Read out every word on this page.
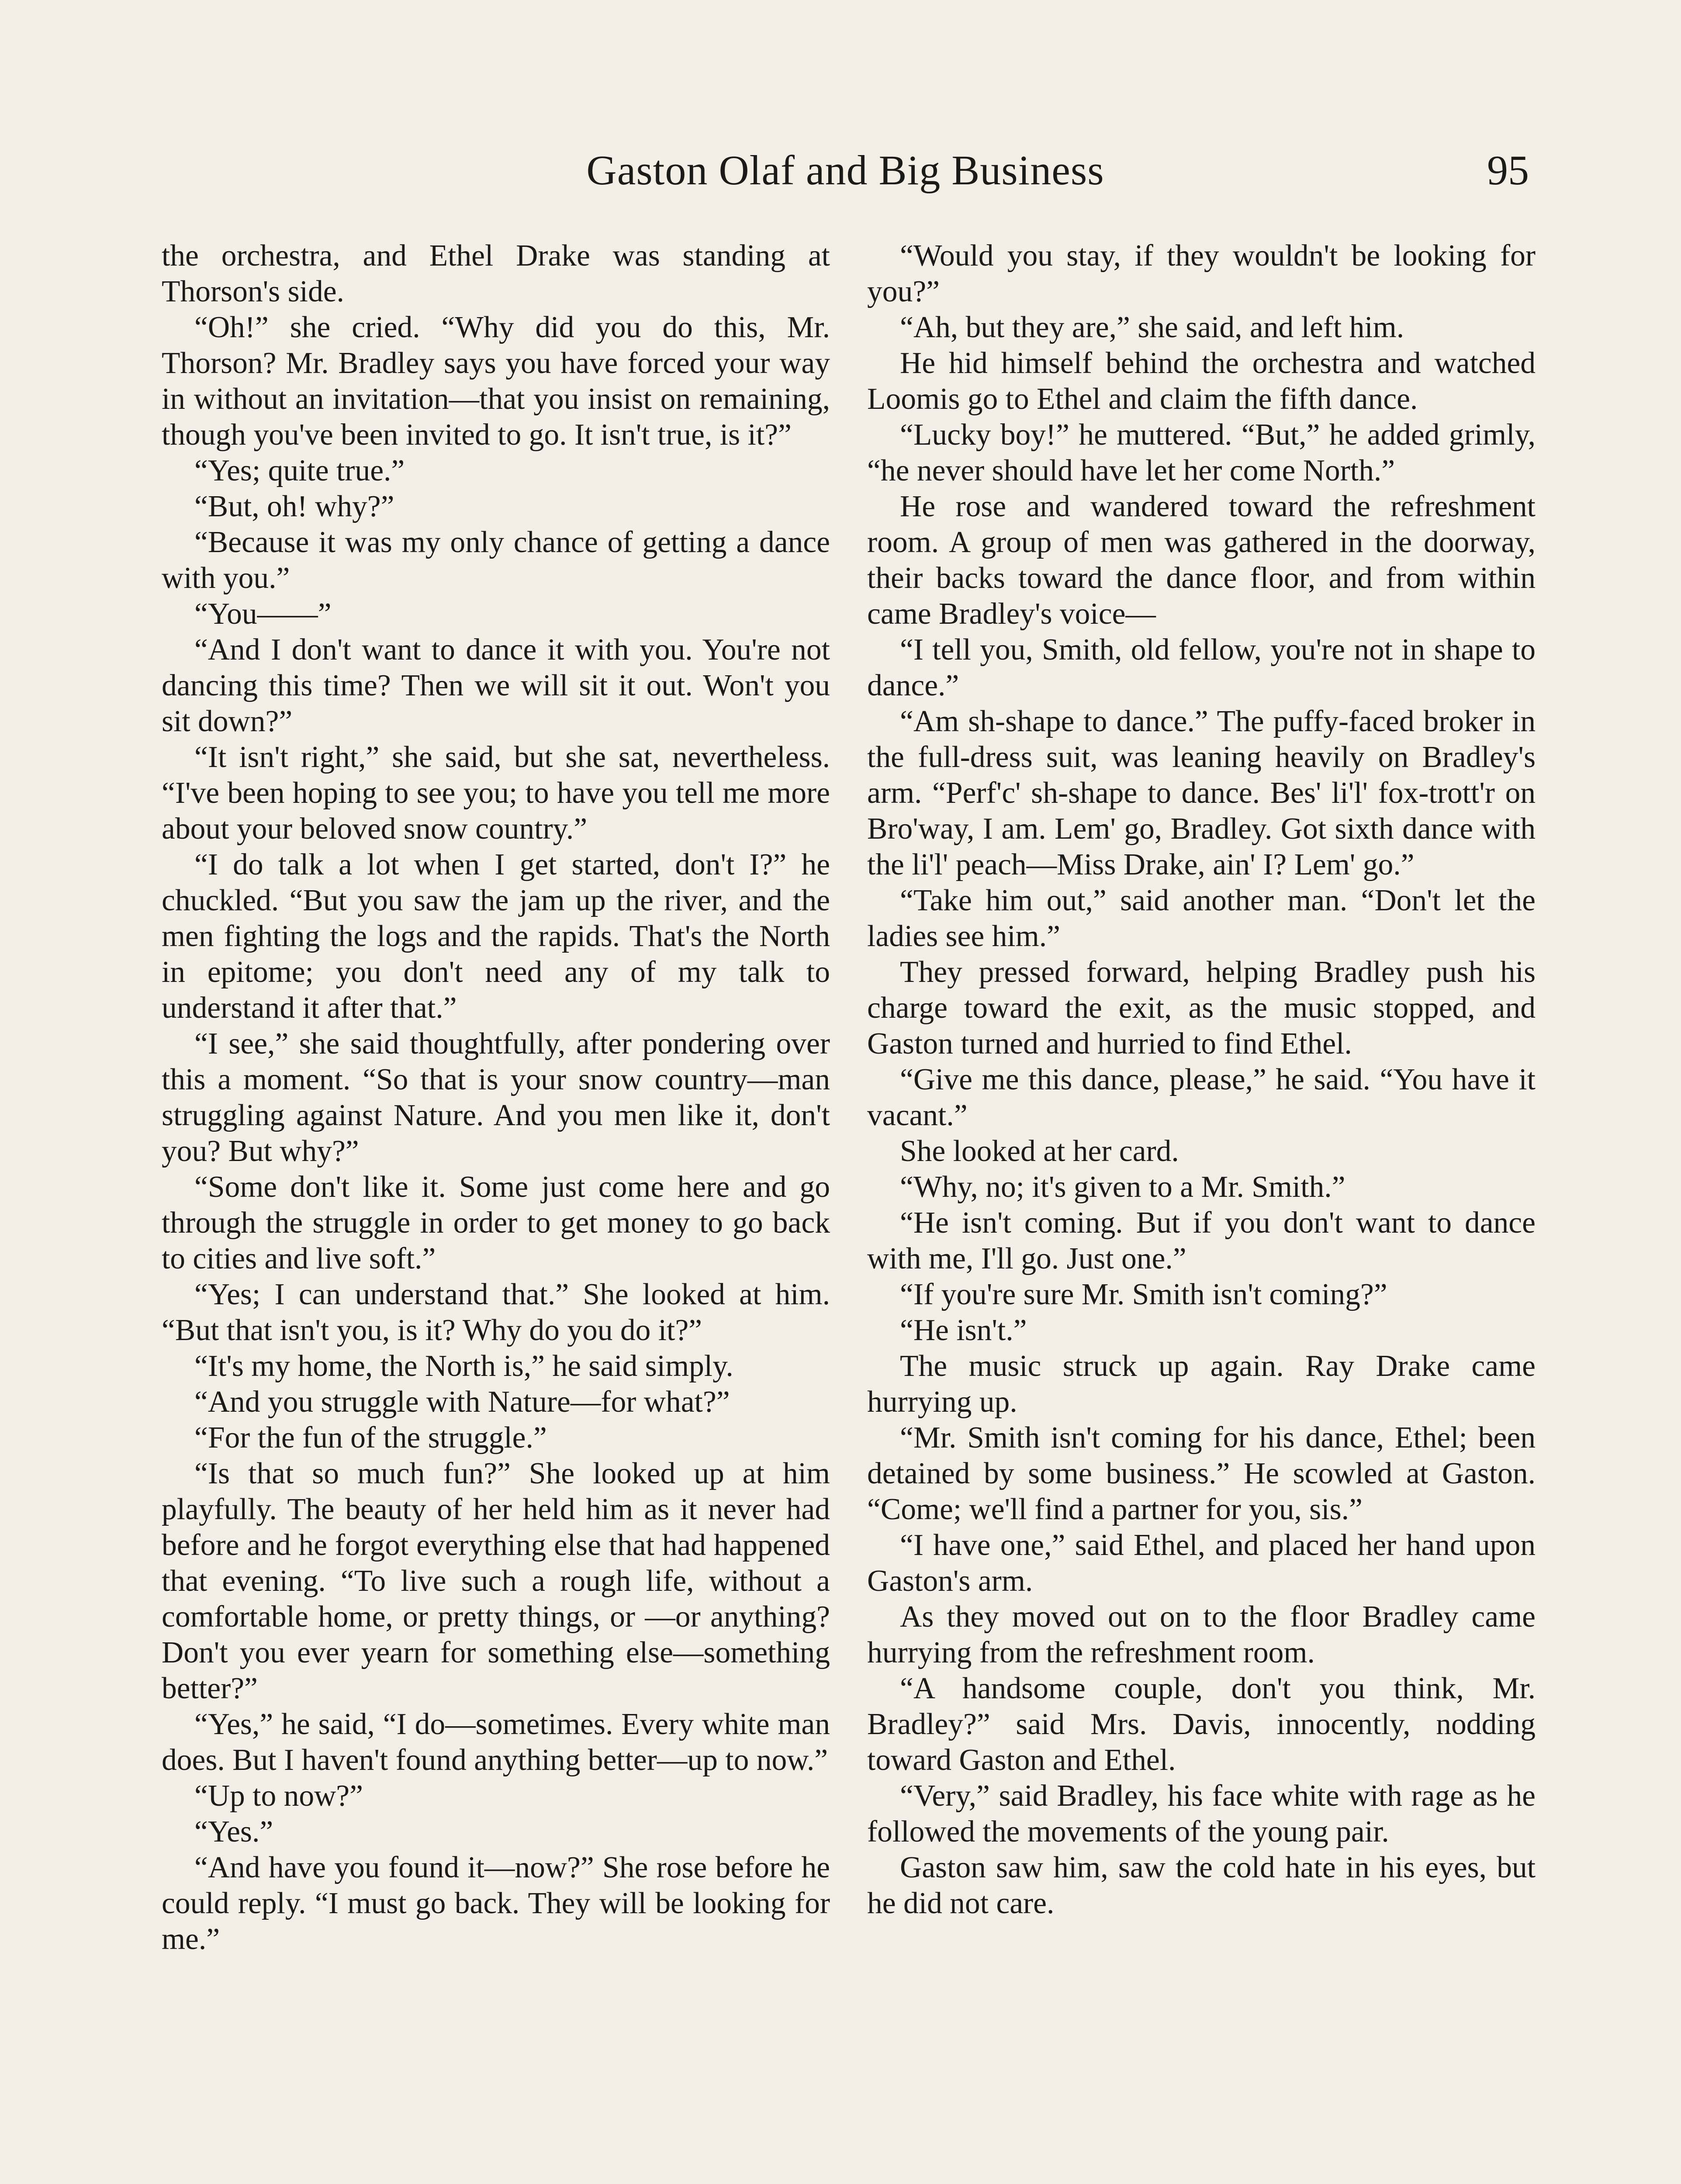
Gaston Olaf and Big Business	95

the orchestra, and Ethel Drake was standing at Thorson's side.

“Oh!” she cried. “Why did you do this, Mr. Thorson? Mr. Bradley says you have forced your way in without an invitation—that you insist on remaining, though you've been invited to go. It isn't true, is it?”

“Yes; quite true.”

“But, oh! why?”

“Because it was my only chance of getting a dance with you.”

“You——”

“And I don't want to dance it with you. You're not dancing this time? Then we will sit it out. Won't you sit down?”

“It isn't right,” she said, but she sat, nevertheless. “I've been hoping to see you; to have you tell me more about your beloved snow country.”

“I do talk a lot when I get started, don't I?” he chuckled. “But you saw the jam up the river, and the men fighting the logs and the rapids. That's the North in epitome; you don't need any of my talk to understand it after that.”

“I see,” she said thoughtfully, after pondering over this a moment. “So that is your snow country—man struggling against Nature. And you men like it, don't you? But why?”

“Some don't like it. Some just come here and go through the struggle in order to get money to go back to cities and live soft.”

“Yes; I can understand that.” She looked at him. “But that isn't you, is it? Why do you do it?”

“It's my home, the North is,” he said simply.

“And you struggle with Nature—for what?”

“For the fun of the struggle.”

“Is that so much fun?” She looked up at him playfully. The beauty of her held him as it never had before and he forgot everything else that had happened that evening. “To live such a rough life, without a comfortable home, or pretty things, or —or anything? Don't you ever yearn for something else—something better?”

“Yes,” he said, “I do—sometimes. Every white man does. But I haven't found anything better—up to now.”

“Up to now?”

“Yes.”

“And have you found it—now?” She rose before he could reply. “I must go back. They will be looking for me.”

“Would you stay, if they wouldn't be looking for you?”

“Ah, but they are,” she said, and left him.

He hid himself behind the orchestra and watched Loomis go to Ethel and claim the fifth dance.

“Lucky boy!” he muttered. “But,” he added grimly, “he never should have let her come North.”

He rose and wandered toward the refreshment room. A group of men was gathered in the doorway, their backs toward the dance floor, and from within came Bradley's voice—

“I tell you, Smith, old fellow, you're not in shape to dance.”

“Am sh-shape to dance.” The puffy-faced broker in the full-dress suit, was leaning heavily on Bradley's arm. “Perf'c' sh-shape to dance. Bes' li'l' fox-trott'r on Bro'way, I am. Lem' go, Bradley. Got sixth dance with the li'l' peach—Miss Drake, ain' I? Lem' go.”

“Take him out,” said another man. “Don't let the ladies see him.”

They pressed forward, helping Bradley push his charge toward the exit, as the music stopped, and Gaston turned and hurried to find Ethel.

“Give me this dance, please,” he said. “You have it vacant.”

She looked at her card.

“Why, no; it's given to a Mr. Smith.”

“He isn't coming. But if you don't want to dance with me, I'll go. Just one.”

“If you're sure Mr. Smith isn't coming?”

“He isn't.”

The music struck up again. Ray Drake came hurrying up.

“Mr. Smith isn't coming for his dance, Ethel; been detained by some business.” He scowled at Gaston. “Come; we'll find a partner for you, sis.”

“I have one,” said Ethel, and placed her hand upon Gaston's arm.

As they moved out on to the floor Bradley came hurrying from the refreshment room.

“A handsome couple, don't you think, Mr. Bradley?” said Mrs. Davis, innocently, nodding toward Gaston and Ethel.

“Very,” said Bradley, his face white with rage as he followed the movements of the young pair.

Gaston saw him, saw the cold hate in his eyes, but he did not care.
